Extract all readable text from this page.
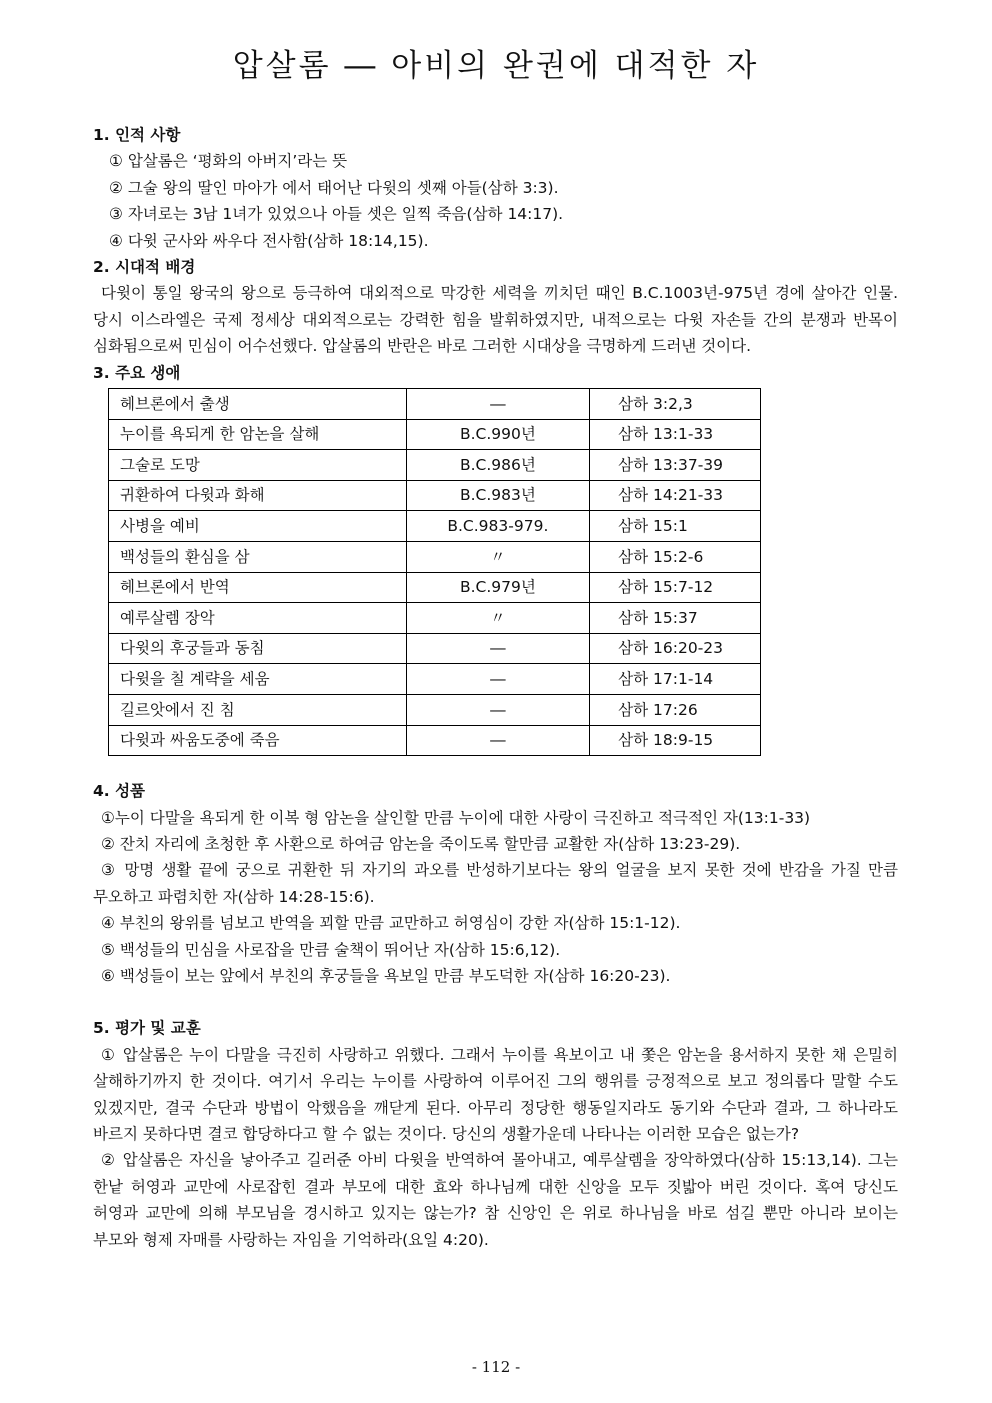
압살롬 ― 아비의 완권에 대적한 자
1. 인적 사항
① 압살롬은 ‘평화의 아버지’라는 뜻
② 그술 왕의 딸인 마아가 에서 태어난 다윗의 셋째 아들(삼하 3:3).
③ 자녀로는 3남 1녀가 있었으나 아들 셋은 일찍 죽음(삼하 14:17).
④ 다윗 군사와 싸우다 전사함(삼하 18:14,15).
2. 시대적 배경
다윗이 통일 왕국의 왕으로 등극하여 대외적으로 막강한 세력을 끼치던 때인 B.C.1003년-975년 경에 살아간 인물. 당시 이스라엘은 국제 정세상 대외적으로는 강력한 힘을 발휘하였지만, 내적으로는 다윗 자손들 간의 분쟁과 반목이 심화됨으로써 민심이 어수선했다. 압살롬의 반란은 바로 그러한 시대상을 극명하게 드러낸 것이다.
3. 주요 생애
헤브론에서 출생	―	삼하 3:2,3
누이를 욕되게 한 암논을 살해	B.C.990년	삼하 13:1-33
그술로 도망	B.C.986년	삼하 13:37-39
귀환하여 다윗과 화해	B.C.983년	삼하 14:21-33
사병을 예비	B.C.983-979.	삼하 15:1
백성들의 환심을 삼	〃	삼하 15:2-6
헤브론에서 반역	B.C.979년	삼하 15:7-12
예루살렘 장악	〃	삼하 15:37
다윗의 후궁들과 동침	―	삼하 16:20-23
다윗을 칠 계략을 세움	―	삼하 17:1-14
길르앗에서 진 침	―	삼하 17:26
다윗과 싸움도중에 죽음	―	삼하 18:9-15
4. 성품
①누이 다말을 욕되게 한 이복 형 암논을 살인할 만큼 누이에 대한 사랑이 극진하고 적극적인 자(13:1-33)
② 잔치 자리에 초청한 후 사환으로 하여금 암논을 죽이도록 할만큼 교활한 자(삼하 13:23-29).
③ 망명 생활 끝에 궁으로 귀환한 뒤 자기의 과오를 반성하기보다는 왕의 얼굴을 보지 못한 것에 반감을 가질 만큼 무오하고 파렴치한 자(삼하 14:28-15:6).
④ 부친의 왕위를 넘보고 반역을 꾀할 만큼 교만하고 허영심이 강한 자(삼하 15:1-12).
⑤ 백성들의 민심을 사로잡을 만큼 술책이 뛰어난 자(삼하 15:6,12).
⑥ 백성들이 보는 앞에서 부친의 후궁들을 욕보일 만큼 부도덕한 자(삼하 16:20-23).
5. 평가 및 교훈
① 압살롬은 누이 다말을 극진히 사랑하고 위했다. 그래서 누이를 욕보이고 내 쫓은 암논을 용서하지 못한 채 은밀히 살해하기까지 한 것이다. 여기서 우리는 누이를 사랑하여 이루어진 그의 행위를 긍정적으로 보고 정의롭다 말할 수도 있겠지만, 결국 수단과 방법이 악했음을 깨닫게 된다. 아무리 정당한 행동일지라도 동기와 수단과 결과, 그 하나라도 바르지 못하다면 결코 합당하다고 할 수 없는 것이다. 당신의 생활가운데 나타나는 이러한 모습은 없는가?
② 압살롬은 자신을 낳아주고 길러준 아비 다윗을 반역하여 몰아내고, 예루살렘을 장악하였다(삼하 15:13,14). 그는 한낱 허영과 교만에 사로잡힌 결과 부모에 대한 효와 하나님께 대한 신앙을 모두 짓밟아 버린 것이다. 혹여 당신도 허영과 교만에 의해 부모님을 경시하고 있지는 않는가? 참 신앙인 은 위로 하나님을 바로 섬길 뿐만 아니라 보이는 부모와 형제 자매를 사랑하는 자임을 기억하라(요일 4:20).
- 112 -
